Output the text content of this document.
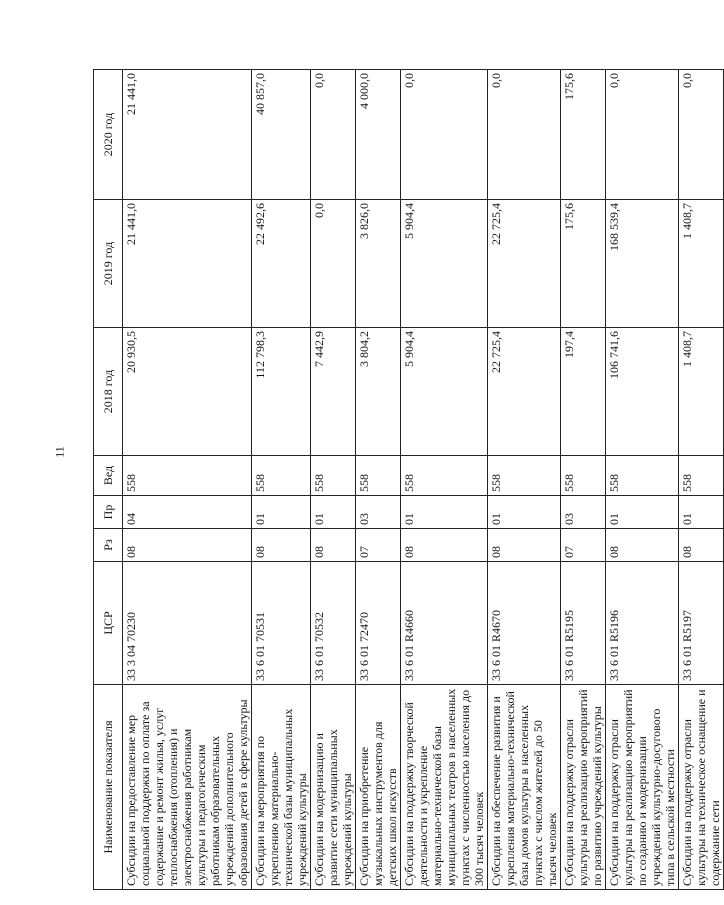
11
Наименование показателя	ЦСР	Рз	Пр	Вед	2018 год	2019 год	2020 год
Субсидии на предоставление мер социальной поддержки по оплате за содержание и ремонт жилья, услуг теплоснабжения (отопления) и электроснабжения работникам культуры и педагогическим работникам образовательных учреждений дополнительного образования детей в сфере культуры	33 3 04 70230	08	04	558	20 930,5	21 441,0	21 441,0
Субсидии на мероприятия по укреплению материально-технической базы муниципальных учреждений культуры	33 6 01 70531	08	01	558	112 798,3	22 492,6	40 857,0
Субсидии на модернизацию и развитие сети муниципальных учреждений культуры	33 6 01 70532	08	01	558	7 442,9	0,0	0,0
Субсидии на приобретение музыкальных инструментов для детских школ искусств	33 6 01 72470	07	03	558	3 804,2	3 826,0	4 000,0
Субсидии на поддержку творческой деятельности и укрепление материально-технической базы муниципальных театров в населенных пунктах с численностью населения до 300 тысяч человек	33 6 01 R4660	08	01	558	5 904,4	5 904,4	0,0
Субсидии на обеспечение развития и укрепления материально-технической базы домов культуры в населенных пунктах с числом жителей до 50 тысяч человек	33 6 01 R4670	08	01	558	22 725,4	22 725,4	0,0
Субсидии на поддержку отрасли культуры на реализацию мероприятий по развитию учреждений культуры	33 6 01 R5195	07	03	558	197,4	175,6	175,6
Субсидии на поддержку отрасли культуры на реализацию мероприятий по созданию и модернизации учреждений культурно-досугового типа в сельской местности	33 6 01 R5196	08	01	558	106 741,6	168 539,4	0,0
Субсидии на поддержку отрасли культуры на техническое оснащение и содержание сети	33 6 01 R5197	08	01	558	1 408,7	1 408,7	0,0
